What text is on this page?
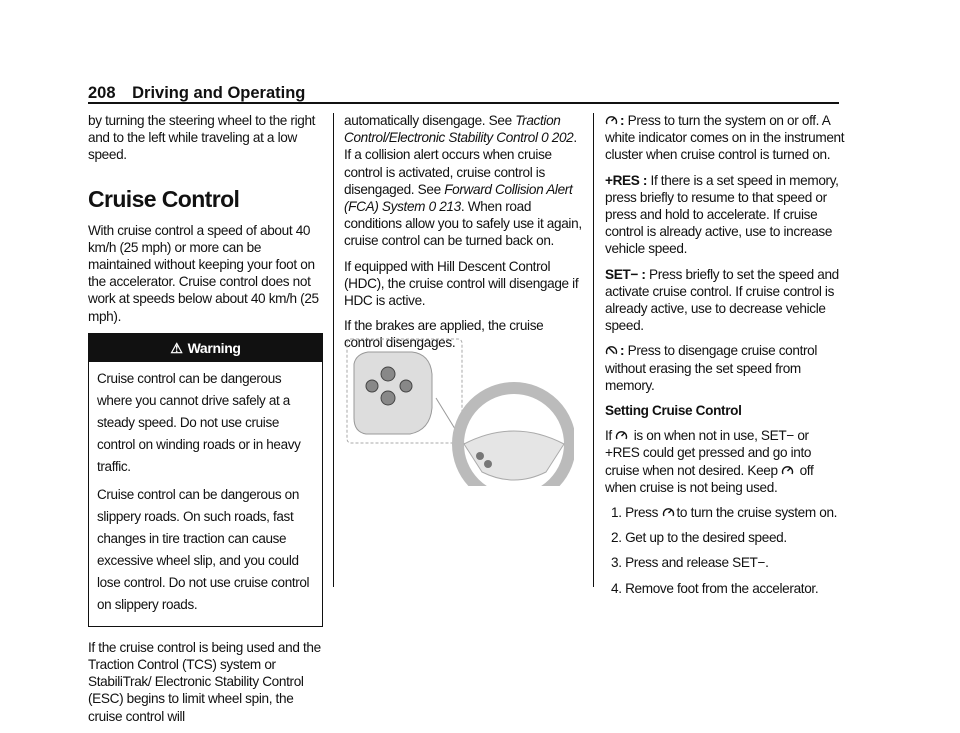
208 Driving and Operating

by turning the steering wheel to the right and to the left while traveling at a low speed.

Cruise Control

With cruise control a speed of about 40 km/h (25 mph) or more can be maintained without keeping your foot on the accelerator. Cruise control does not work at speeds below about 40 km/h (25 mph).

⚠ Warning

Cruise control can be dangerous where you cannot drive safely at a steady speed. Do not use cruise control on winding roads or in heavy traffic.

Cruise control can be dangerous on slippery roads. On such roads, fast changes in tire traction can cause excessive wheel slip, and you could lose control. Do not use cruise control on slippery roads.

If the cruise control is being used and the Traction Control (TCS) system or StabiliTrak/ Electronic Stability Control (ESC) begins to limit wheel spin, the cruise control will

automatically disengage. See Traction Control/Electronic Stability Control 0 202. If a collision alert occurs when cruise control is activated, cruise control is disengaged. See Forward Collision Alert (FCA) System 0 213. When road conditions allow you to safely use it again, cruise control can be turned back on.

If equipped with Hill Descent Control (HDC), the cruise control will disengage if HDC is active.

If the brakes are applied, the cruise control disengages.

: Press to turn the system on or off. A white indicator comes on in the instrument cluster when cruise control is turned on.

+RES : If there is a set speed in memory, press briefly to resume to that speed or press and hold to accelerate. If cruise control is already active, use to increase vehicle speed.

SET− : Press briefly to set the speed and activate cruise control. If cruise control is already active, use to decrease vehicle speed.

: Press to disengage cruise control without erasing the set speed from memory.

Setting Cruise Control

If  is on when not in use, SET− or +RES could get pressed and go into cruise when not desired. Keep  off when cruise is not being used.

1. Press to turn the cruise system on.
2. Get up to the desired speed.
3. Press and release SET−.
4. Remove foot from the accelerator.
